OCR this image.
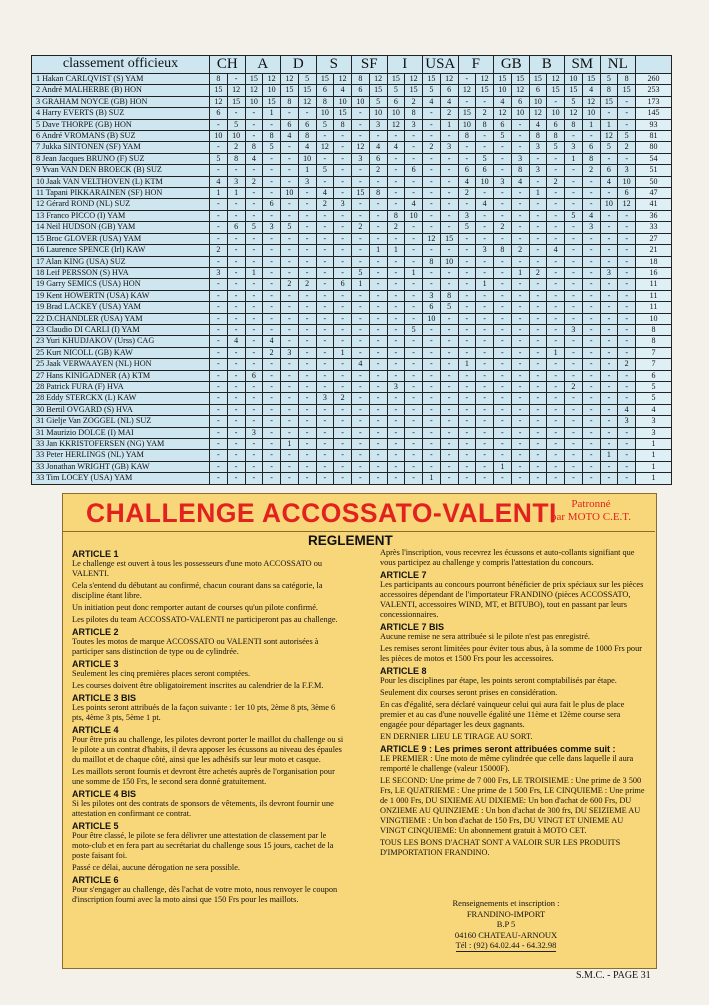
classement officieux	CH		A		D		S		SF		I		USA		F		GB		B		SM		NL		
1 Hakan CARLQVIST (S) YAM	8	-	15	12	12	5	15	12	8	12	15	12	15	12	-	12	15	15	15	12	10	15	5	8	260
2 André MALHERBE (B) HON	15	12	12	10	15	15	6	4	6	15	5	15	5	6	12	15	10	12	6	15	15	4	8	15	253
3 GRAHAM NOYCE (GB) HON	12	15	10	15	8	12	8	10	10	5	6	2	4	4	-	-	4	6	10	-	5	12	15	-	173
4 Harry EVERTS (B) SUZ	6	-	-	1	-	-	10	15	-	10	10	8	-	2	15	2	12	10	12	10	12	10	-	-	145
5 Dave THORPE (GB) HON	-	5	-	-	6	6	5	8	-	3	12	3	-	1	10	8	6	-	4	6	8	1	1	-	93
6 André VROMANS (B) SUZ	10	10	-	8	4	8	-	-	-	-	-	-	-	-	8	-	5	-	8	8	-	-	12	5	81
7 Jukka SINTONEN (SF) YAM	-	2	8	5	-	4	12	-	12	4	4	-	2	3	-	-	-	-	3	5	3	6	5	2	80
8 Jean Jacques BRUNO (F) SUZ	5	8	4	-	-	10	-	-	3	6	-	-	-	-	-	5	-	3	-	-	1	8	-	-	54
9 Yvan VAN DEN BROECK (B) SUZ	-	-	-	-	-	1	5	-	-	2	-	6	-	-	6	6	-	8	3	-	-	2	6	3	51
10 Jaak VAN VELTHOVEN (L) KTM	4	3	2	-	-	3	-	-	-	-	-	-	-	-	4	10	3	4	-	2	-	-	4	10	50
11 Tapani PIKKARAINEN (SF) HON	1	1	-	-	10	-	4	-	15	8	-	-	-	-	2	-	-	-	1	-	-	-	-	6	47
12 Gérard ROND (NL) SUZ	-	-	-	6	-	-	2	3	-	-	-	4	-	-	-	4	-	-	-	-	-	-	10	12	41
13 Franco PICCO (I) YAM	-	-	-	-	-	-	-	-	-	-	8	10	-	-	3	-	-	-	-	-	5	4	-	-	36
14 Neil HUDSON (GB) YAM	-	6	5	3	5	-	-	-	2	-	2	-	-	-	5	-	2	-	-	-	-	3	-	-	33
15 Broc GLOVER (USA) YAM	-	-	-	-	-	-	-	-	-	-	-	-	12	15	-	-	-	-	-	-	-	-	-	-	27
16 Laurence SPENCE (Irl) KAW	2	-	-	-	-	-	-	-	-	1	1	-	-	-	-	3	8	2	-	4	-	-	-	-	21
17 Alan KING (USA) SUZ	-	-	-	-	-	-	-	-	-	-	-	-	8	10	-	-	-	-	-	-	-	-	-	-	18
18 Leif PERSSON (S) HVA	3	-	1	-	-	-	-	-	5	-	-	1	-	-	-	-	-	1	2	-	-	-	3	-	16
19 Garry SEMICS (USA) HON	-	-	-	-	2	2	-	6	1	-	-	-	-	-	-	1	-	-	-	-	-	-	-	-	11
19 Kent HOWERTN (USA) KAW	-	-	-	-	-	-	-	-	-	-	-	-	3	8	-	-	-	-	-	-	-	-	-	-	11
19 Brad LACKEY (USA) YAM	-	-	-	-	-	-	-	-	-	-	-	-	6	5	-	-	-	-	-	-	-	-	-	-	11
22 D.CHANDLER (USA) YAM	-	-	-	-	-	-	-	-	-	-	-	-	10	-	-	-	-	-	-	-	-	-	-	-	10
23 Claudio DI CARLI (I) YAM	-	-	-	-	-	-	-	-	-	-	-	5	-	-	-	-	-	-	-	-	3	-	-	-	8
23 Yuri KHUDJAKOV (Urss) CAG	-	4	-	4	-	-	-	-	-	-	-	-	-	-	-	-	-	-	-	-	-	-	-	-	8
25 Kurt NICOLL (GB) KAW	-	-	-	2	3	-	-	1	-	-	-	-	-	-	-	-	-	-	-	1	-	-	-	-	7
25 Jaak VERWAAYEN (NL) HON	-	-	-	-	-	-	-	-	4	-	-	-	-	-	1	-	-	-	-	-	-	-	-	2	7
27 Hans KINIGADNER (A) KTM	-	-	6	-	-	-	-	-	-	-	-	-	-	-	-	-	-	-	-	-	-	-	-	-	6
28 Patrick FURA (F) HVA	-	-	-	-	-	-	-	-	-	-	3	-	-	-	-	-	-	-	-	-	2	-	-	-	5
28 Eddy STERCKX (L) KAW	-	-	-	-	-	-	3	2	-	-	-	-	-	-	-	-	-	-	-	-	-	-	-	-	5
30 Bertil OVGARD (S) HVA	-	-	-	-	-	-	-	-	-	-	-	-	-	-	-	-	-	-	-	-	-	-	-	4	4
31 Gielje Van ZOGGEL (NL) SUZ	-	-	-	-	-	-	-	-	-	-	-	-	-	-	-	-	-	-	-	-	-	-	-	3	3
31 Maurizio DOLCE (I) MAI	-	-	3	-	-	-	-	-	-	-	-	-	-	-	-	-	-	-	-	-	-	-	-	-	3
33 Jan KKRISTOFERSEN (NG) YAM	-	-	-	-	1	-	-	-	-	-	-	-	-	-	-	-	-	-	-	-	-	-	-	-	1
33 Peter HERLINGS (NL) YAM	-	-	-	-	-	-	-	-	-	-	-	-	-	-	-	-	-	-	-	-	-	-	1	-	1
33 Jonathan WRIGHT (GB) KAW	-	-	-	-	-	-	-	-	-	-	-	-	-	-	-	-	1	-	-	-	-	-	-	-	1
33 Tim LOCEY (USA) YAM	-	-	-	-	-	-	-	-	-	-	-	-	1	-	-	-	-	-	-	-	-	-	-	-	1
CHALLENGE ACCOSSATO-VALENTI	Patronné
par MOTO C.E.T.
REGLEMENT
ARTICLE 1

Le challenge est ouvert à tous les possesseurs d'une moto ACCOSSATO ou VALENTI.

Cela s'entend du débutant au confirmé, chacun courant dans sa catégorie, la discipline étant libre.

Un initiation peut donc remporter autant de courses qu'un pilote confirmé.

Les pilotes du team ACCOSSATO-VALENTI ne participeront pas au challenge.

ARTICLE 2

Toutes les motos de marque ACCOSSATO ou VALENTI sont autorisées à participer sans distinction de type ou de cylindrée.

ARTICLE 3

Seulement les cinq premières places seront comptées.

Les courses doivent être obligatoirement inscrites au calendrier de la F.F.M.

ARTICLE 3 BIS

Les points seront attribués de la façon suivante : 1er 10 pts, 2ème 8 pts, 3ème 6 pts, 4ème 3 pts, 5ème 1 pt.

ARTICLE 4

Pour être pris au challenge, les pilotes devront porter le maillot du challenge ou si le pilote a un contrat d'habits, il devra apposer les écussons au niveau des épaules du maillot et de chaque côté, ainsi que les adhésifs sur leur moto et casque.

Les maillots seront fournis et devront être achetés auprès de l'organisation pour une somme de 150 Frs, le second sera donné gratuitement.

ARTICLE 4 BIS

Si les pilotes ont des contrats de sponsors de vêtements, ils devront fournir une attestation en confirmant ce contrat.

ARTICLE 5

Pour être classé, le pilote se fera délivrer une attestation de classement par le moto-club et en fera part au secrétariat du challenge sous 15 jours, cachet de la poste faisant foi.

Passé ce délai, aucune dérogation ne sera possible.

ARTICLE 6

Pour s'engager au challenge, dès l'achat de votre moto, nous renvoyer le coupon d'inscription fourni avec la moto ainsi que 150 Frs pour les maillots.

Après l'inscription, vous recevrez les écussons et auto-collants signifiant que vous participez au challenge y compris l'attestation du concours.

ARTICLE 7

Les participants au concours pourront bénéficier de prix spéciaux sur les pièces accessoires dépendant de l'importateur FRANDINO (pièces ACCOSSATO, VALENTI, accessoires WIND, MT, et BITUBO), tout en passant par leurs concessionnaires.

ARTICLE 7 BIS

Aucune remise ne sera attribuée si le pilote n'est pas enregistré.

Les remises seront limitées pour éviter tous abus, à la somme de 1000 Frs pour les pièces de motos et 1500 Frs pour les accessoires.

ARTICLE 8

Pour les disciplines par étape, les points seront comptabilisés par étape.

Seulement dix courses seront prises en considération.

En cas d'égalité, sera déclaré vainqueur celui qui aura fait le plus de place premier et au cas d'une nouvelle égalité une 11ème et 12ème course sera engagée pour départager les deux gagnants.

EN DERNIER LIEU LE TIRAGE AU SORT.

ARTICLE 9 : Les primes seront attribuées comme suit :

LE PREMIER : Une moto de même cylindrée que celle dans laquelle il aura remporté le challenge (valeur 15000F).

LE SECOND: Une prime de 7 000 Frs, LE TROISIEME : Une prime de 3 500 Frs, LE QUATRIEME : Une prime de 1 500 Frs, LE CINQUIEME : Une prime de 1 000 Frs, DU SIXIEME AU DIXIEME: Un bon d'achat de 600 Frs, DU ONZIEME AU QUINZIEME : Un bon d'achat de 300 frs, DU SEIZIEME AU VINGTIEME : Un bon d'achat de 150 Frs, DU VINGT ET UNIEME AU VINGT CINQUIEME: Un abonnement gratuit à MOTO CET.

TOUS LES BONS D'ACHAT SONT A VALOIR SUR LES PRODUITS D'IMPORTATION FRANDINO.

Renseignements et inscription :
FRANDINO-IMPORT
B.P 5
04160 CHATEAU-ARNOUX
Tél : (92) 64.02.44 - 64.32.98
S.M.C. - PAGE 31
